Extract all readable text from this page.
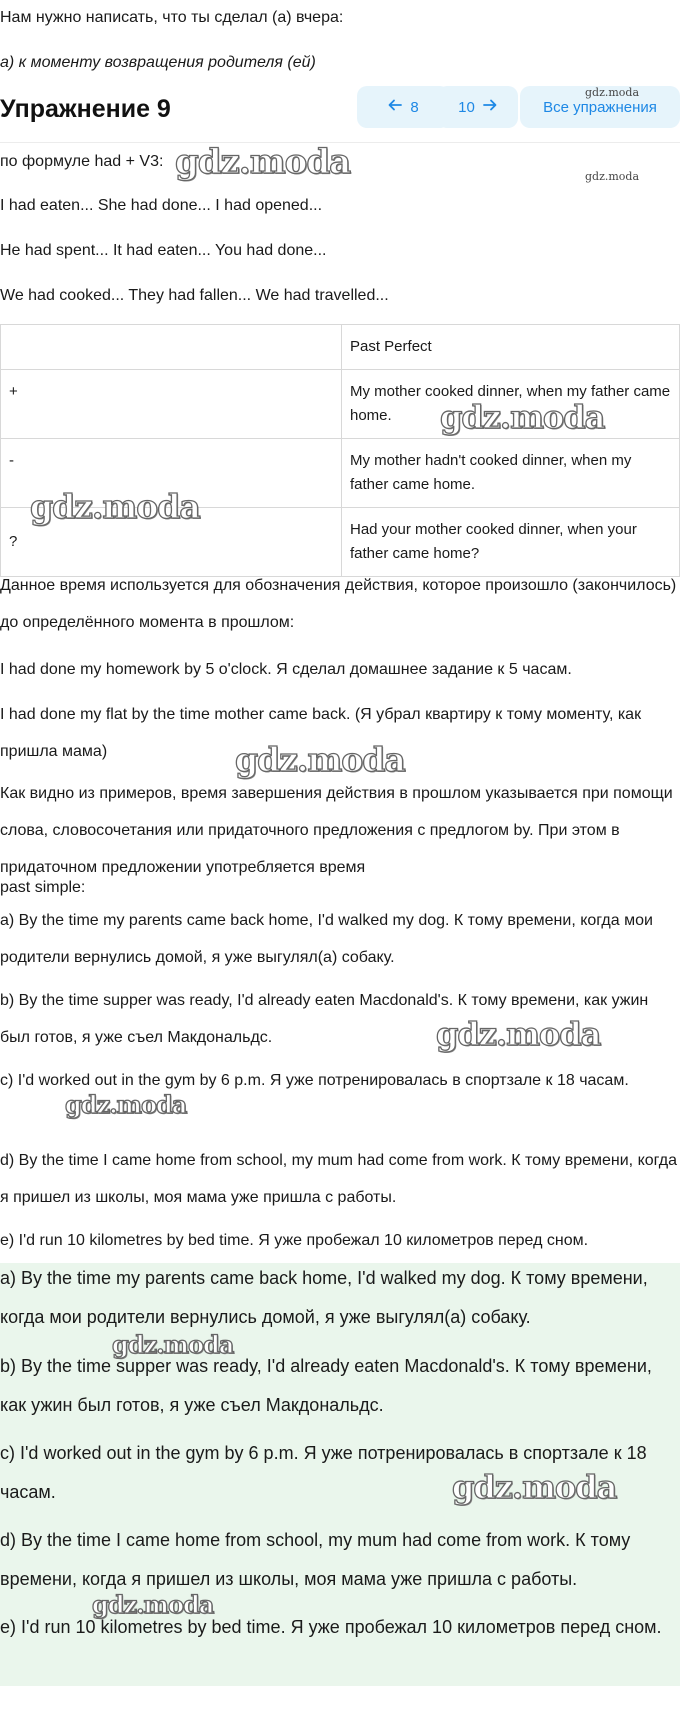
Нам нужно написать, что ты сделал (а) вчера:
а) к моменту возвращения родителя (ей)
Упражнение 9	8	10	Все упражнения
по формуле had + V3:
I had eaten... She had done... I had opened...
He had spent... It had eaten... You had done...
We had cooked... They had fallen... We had travelled...
	Past Perfect
+	My mother cooked dinner, when my father came home.
-	My mother hadn't cooked dinner, when my father came home.
?	Had your mother cooked dinner, when your father came home?
Данное время используется для обозначения действия, которое произошло (закончилось) до определённого момента в прошлом:
I had done my homework by 5 o'clock. Я сделал домашнее задание к 5 часам.
I had done my flat by the time mother came back. (Я убрал квартиру к тому моменту, как пришла мама)
Как видно из примеров, время завершения действия в прошлом указывается при помощи слова, словосочетания или придаточного предложения с предлогом by. При этом в придаточном предложении употребляется время
past simple:
a) By the time my parents came back home, I'd walked my dog. К тому времени, когда мои родители вернулись домой, я уже выгулял(а) собаку.
b) By the time supper was ready, I'd already eaten Macdonald's. К тому времени, как ужин был готов, я уже съел Макдональдс.
c) I'd worked out in the gym by 6 p.m. Я уже потренировалась в спортзале к 18 часам.
d) By the time I came home from school, my mum had come from work. К тому времени, когда я пришел из школы, моя мама уже пришла с работы.
e) I'd run 10 kilometres by bed time. Я уже пробежал 10 километров перед сном.
a) By the time my parents came back home, I'd walked my dog. К тому времени, когда мои родители вернулись домой, я уже выгулял(а) собаку.
b) By the time supper was ready, I'd already eaten Macdonald's. К тому времени, как ужин был готов, я уже съел Макдональдс.
c) I'd worked out in the gym by 6 p.m. Я уже потренировалась в спортзале к 18 часам.
d) By the time I came home from school, my mum had come from work. К тому времени, когда я пришел из школы, моя мама уже пришла с работы.
e) I'd run 10 kilometres by bed time. Я уже пробежал 10 километров перед сном.
gdz.moda
gdz.moda
gdz.moda
gdz.moda
gdz.moda
gdz.moda
gdz.moda
gdz.moda
gdz.moda
gdz.moda
gdz.moda
